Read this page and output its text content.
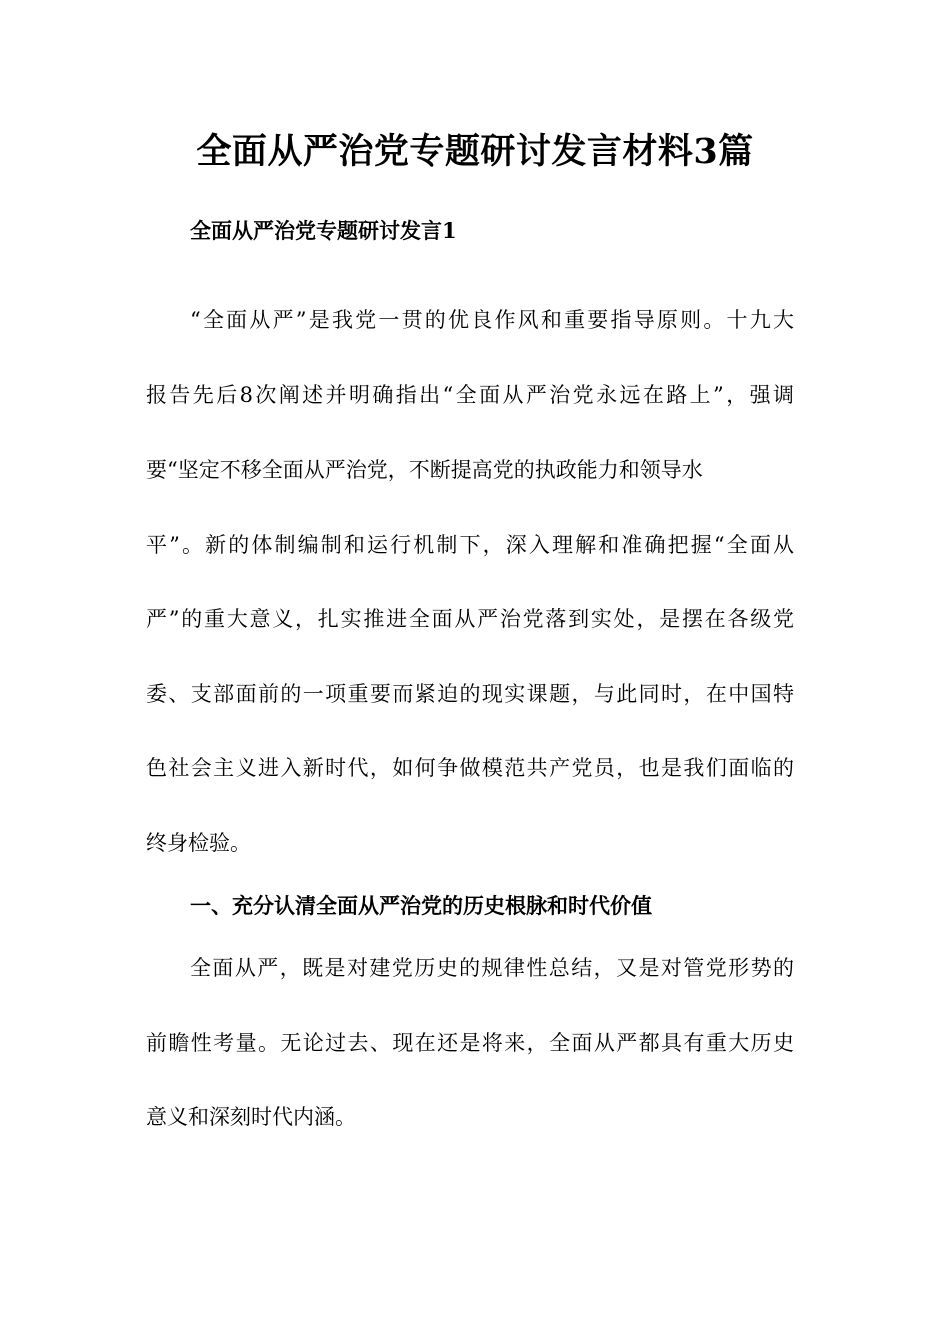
全面从严治党专题研讨发言材料3篇
全面从严治党专题研讨发言1
“全面从严”是我党一贯的优良作风和重要指导原则。十九大
报告先后8次阐述并明确指出“全面从严治党永远在路上”，强调
要“坚定不移全面从严治党，不断提高党的执政能力和领导水
平”。新的体制编制和运行机制下，深入理解和准确把握“全面从
严”的重大意义，扎实推进全面从严治党落到实处，是摆在各级党
委、支部面前的一项重要而紧迫的现实课题，与此同时，在中国特
色社会主义进入新时代，如何争做模范共产党员，也是我们面临的
终身检验。
一、充分认清全面从严治党的历史根脉和时代价值
全面从严，既是对建党历史的规律性总结，又是对管党形势的
前瞻性考量。无论过去、现在还是将来，全面从严都具有重大历史
意义和深刻时代内涵。
